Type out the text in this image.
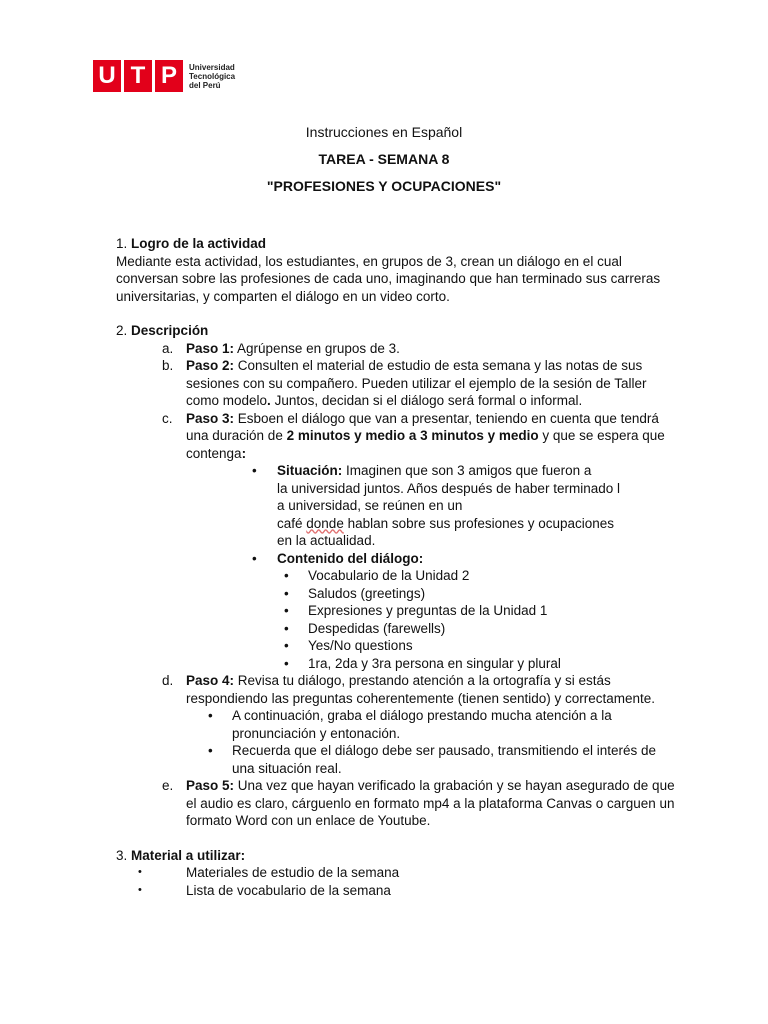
U T P	Universidad
Tecnológica
del Perú
Instrucciones en Español
TAREA - SEMANA 8
"PROFESIONES Y OCUPACIONES"

1. Logro de la actividad

Mediante esta actividad, los estudiantes, en grupos de 3, crean un diálogo en el cual conversan sobre las profesiones de cada uno, imaginando que han terminado sus carreras universitarias, y comparten el diálogo en un video corto.

2. Descripción

a. Paso 1: Agrúpense en grupos de 3.
b. Paso 2: Consulten el material de estudio de esta semana y las notas de sus sesiones con su compañero. Pueden utilizar el ejemplo de la sesión de Taller como modelo. Juntos, decidan si el diálogo será formal o informal.
c. Paso 3: Esboen el diálogo que van a presentar, teniendo en cuenta que tendrá una duración de 2 minutos y medio a 3 minutos y medio y que se espera que contenga:
• Situación: Imaginen que son 3 amigos que fueron a
la universidad juntos. Años después de haber terminado l
a universidad, se reúnen en un
café donde hablan sobre sus profesiones y ocupaciones
en la actualidad.
• Contenido del diálogo:
• Vocabulario de la Unidad 2
• Saludos (greetings)
• Expresiones y preguntas de la Unidad 1
• Despedidas (farewells)
• Yes/No questions
• 1ra, 2da y 3ra persona en singular y plural
d. Paso 4: Revisa tu diálogo, prestando atención a la ortografía y si estás respondiendo las preguntas coherentemente (tienen sentido) y correctamente.
• A continuación, graba el diálogo prestando mucha atención a la pronunciación y entonación.
• Recuerda que el diálogo debe ser pausado, transmitiendo el interés de una situación real.
e. Paso 5: Una vez que hayan verificado la grabación y se hayan asegurado de que el audio es claro, cárguenlo en formato mp4 a la plataforma Canvas o carguen un formato Word con un enlace de Youtube.

3. Material a utilizar:

•	Materiales de estudio de la semana
•	Lista de vocabulario de la semana
